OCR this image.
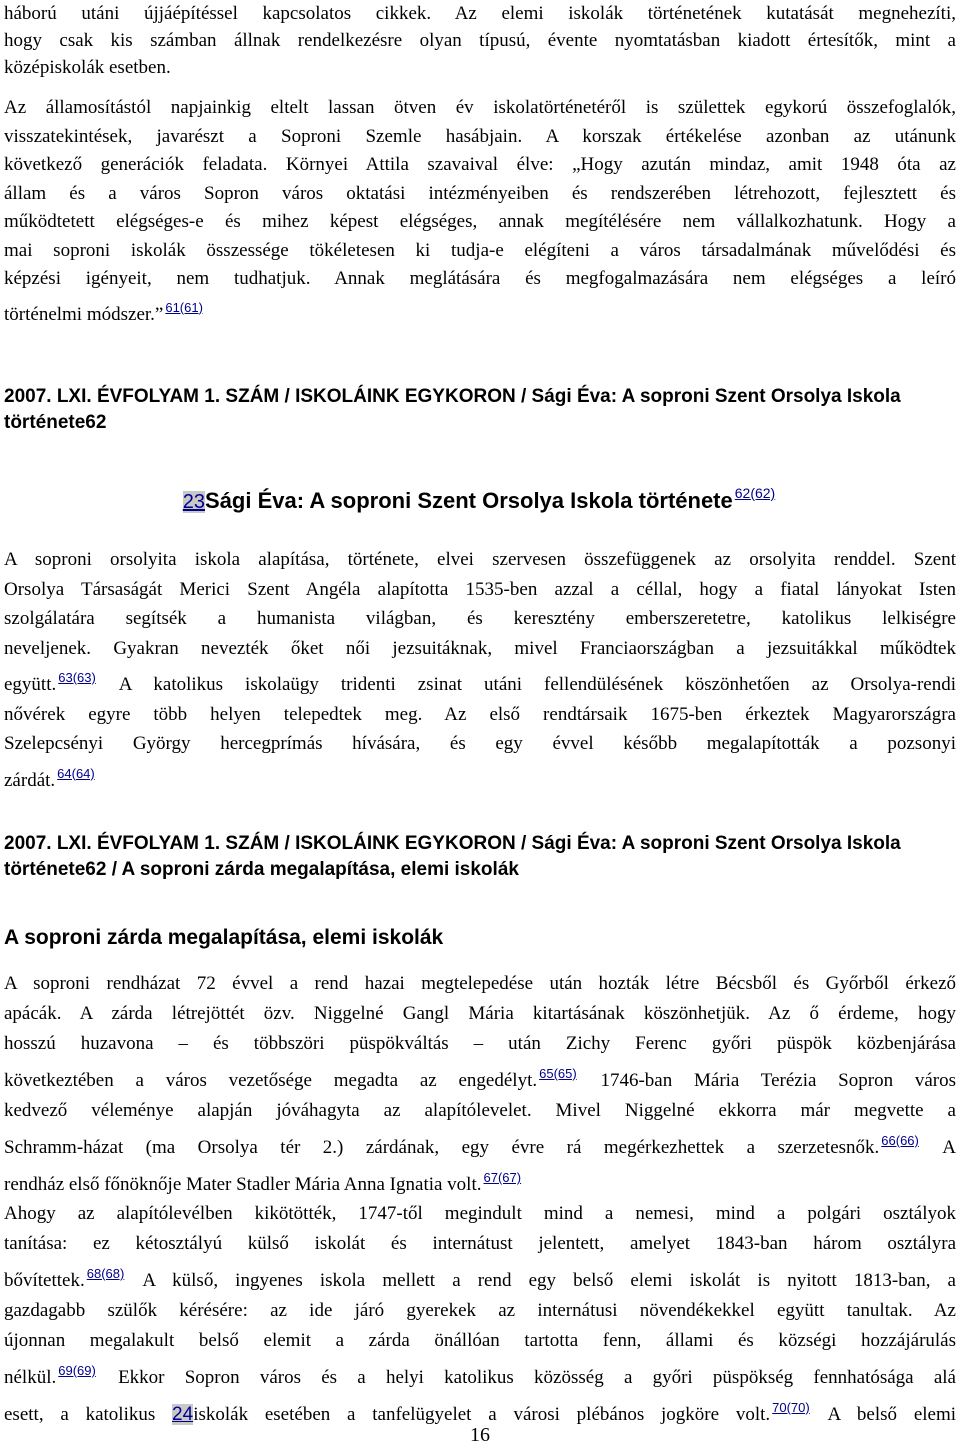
háború utáni újjáépítéssel kapcsolatos cikkek. Az elemi iskolák történetének kutatását megnehezíti,
hogy csak kis számban állnak rendelkezésre olyan típusú, évente nyomtatásban kiadott értesítők, mint a
középiskolák esetben.
Az államosítástól napjainkig eltelt lassan ötven év iskolatörténetéről is születtek egykorú összefoglalók,
visszatekintések, javarészt a Soproni Szemle hasábjain. A korszak értékelése azonban az utánunk
következő generációk feladata. Környei Attila szavaival élve: „Hogy azután mindaz, amit 1948 óta az
állam és a város Sopron város oktatási intézményeiben és rendszerében létrehozott, fejlesztett és
működtetett elégséges-e és mihez képest elégséges, annak megítélésére nem vállalkozhatunk. Hogy a
mai soproni iskolák összessége tökéletesen ki tudja-e elégíteni a város társadalmának művelődési és
képzési igényeit, nem tudhatjuk. Annak meglátására és megfogalmazására nem elégséges a leíró
történelmi módszer.” $^{61(61)}$
2007. LXI. ÉVFOLYAM 1. SZÁM / ISKOLÁINK EGYKORON / Sági Éva: A soproni Szent Orsolya Iskola története62
23Sági Éva: A soproni Szent Orsolya Iskola története $^{62(62)}$
A soproni orsolyita iskola alapítása, története, elvei szervesen összefüggenek az orsolyita renddel. Szent
Orsolya Társaságát Merici Szent Angéla alapította 1535-ben azzal a céllal, hogy a fiatal lányokat Isten
szolgálatára segítsék a humanista világban, és keresztény emberszeretetre, katolikus lelkiségre
neveljenek. Gyakran nevezték őket női jezsuitáknak, mivel Franciaországban a jezsuitákkal működtek
együtt. $^{63(63)}$ A katolikus iskolaügy tridenti zsinat utáni fellendülésének köszönhetően az Orsolya-rendi
nővérek egyre több helyen telepedtek meg. Az első rendtársaik 1675-ben érkeztek Magyarországra
Szelepcsényi György hercegprímás hívására, és egy évvel később megalapították a pozsonyi
zárdát. $^{64(64)}$
2007. LXI. ÉVFOLYAM 1. SZÁM / ISKOLÁINK EGYKORON / Sági Éva: A soproni Szent Orsolya Iskola története62 / A soproni zárda megalapítása, elemi iskolák
A soproni zárda megalapítása, elemi iskolák
A soproni rendházat 72 évvel a rend hazai megtelepedése után hozták létre Bécsből és Győrből érkező
apácák. A zárda létrejöttét özv. Niggelné Gangl Mária kitartásának köszönhetjük. Az ő érdeme, hogy
hosszú huzavona – és többszöri püspökváltás – után Zichy Ferenc győri püspök közbenjárása
következtében a város vezetősége megadta az engedélyt. $^{65(65)}$ 1746-ban Mária Terézia Sopron város
kedvező véleménye alapján jóváhagyta az alapítólevelet. Mivel Niggelné ekkorra már megvette a
Schramm-házat (ma Orsolya tér 2.) zárdának, egy évre rá megérkezhettek a szerzetesnők. $^{66(66)}$ A
rendház első főnöknője Mater Stadler Mária Anna Ignatia volt. $^{67(67)}$
Ahogy az alapítólevélben kikötötték, 1747-től megindult mind a nemesi, mind a polgári osztályok
tanítása: ez kétosztályú külső iskolát és internátust jelentett, amelyet 1843-ban három osztályra
bővítettek. $^{68(68)}$ A külső, ingyenes iskola mellett a rend egy belső elemi iskolát is nyitott 1813-ban, a
gazdagabb szülők kérésére: az ide járó gyerekek az internátusi növendékekkel együtt tanultak. Az
újonnan megalakult belső elemit a zárda önállóan tartotta fenn, állami és községi hozzájárulás
nélkül. $^{69(69)}$ Ekkor Sopron város és a helyi katolikus közösség a győri püspökség fennhatósága alá
esett, a katolikus 24iskolák esetében a tanfelügyelet a városi plébános jogköre volt. $^{70(70)}$ A belső elemi
16
